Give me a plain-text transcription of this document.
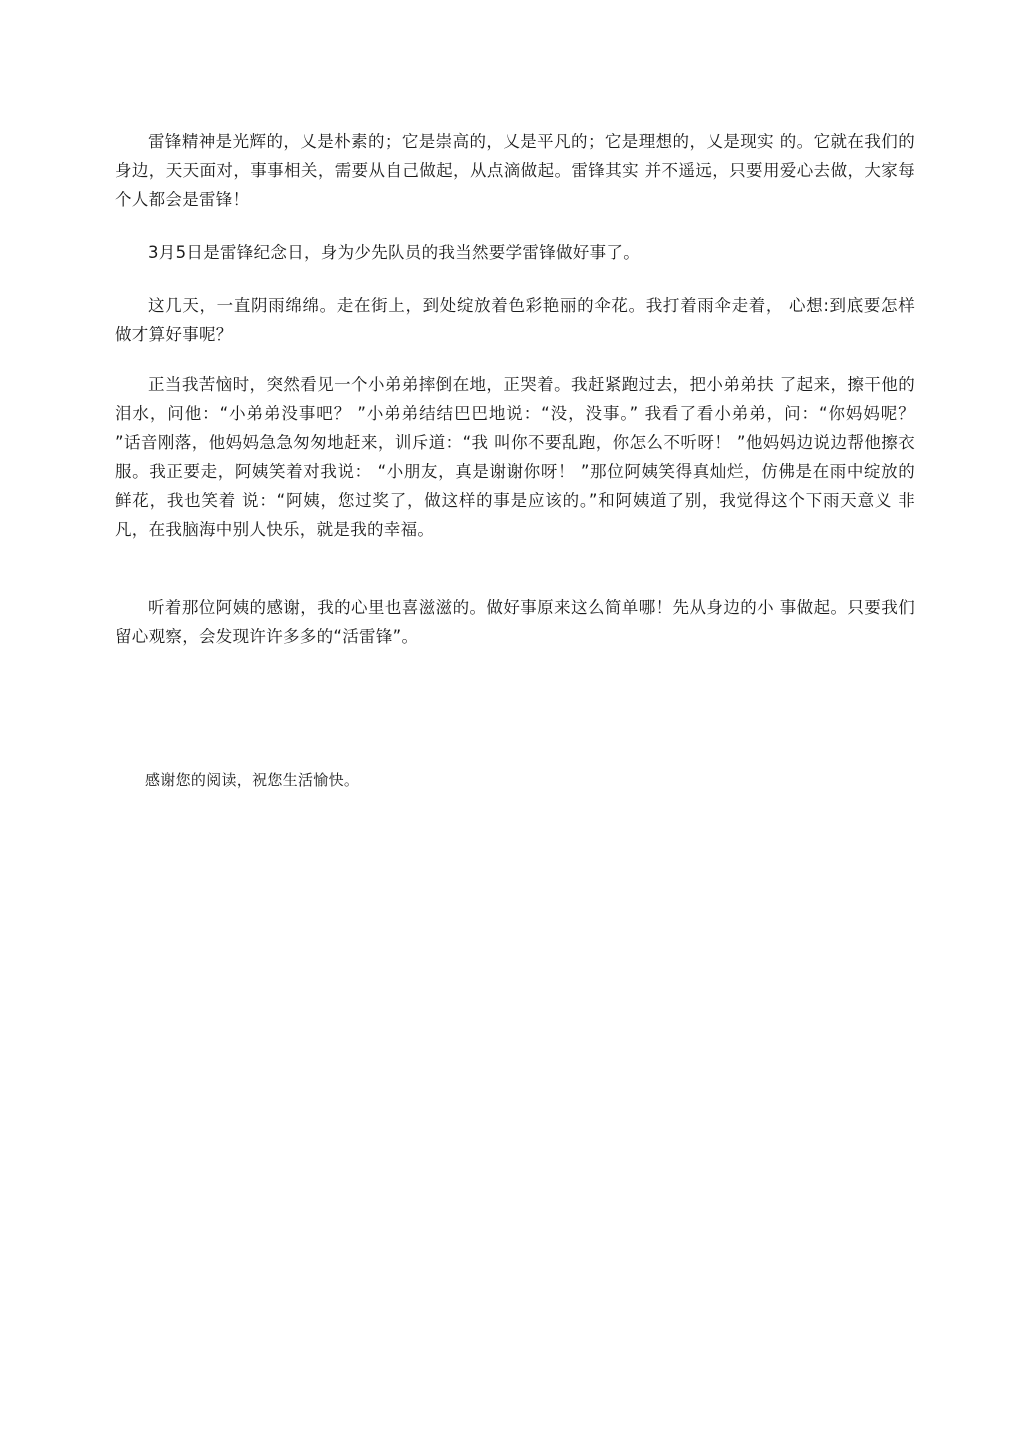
雷锋精神是光辉的，乂是朴素的；它是崇高的，乂是平凡的；它是理想的，乂是现实 的。它就在我们的身边，天天面对，事事相关，需要从自己做起，从点滴做起。雷锋其实 并不遥远，只要用爱心去做，大家每个人都会是雷锋！

3月5日是雷锋纪念日，身为少先队员的我当然要学雷锋做好事了。

这几天，一直阴雨绵绵。走在街上，到处绽放着色彩艳丽的伞花。我打着雨伞走着， 心想:到底要怎样做才算好事呢？

正当我苦恼时，突然看见一个小弟弟摔倒在地，正哭着。我赶紧跑过去，把小弟弟扶 了起来，擦干他的泪水，问他：“小弟弟没事吧？ ”小弟弟结结巴巴地说：“没，没事。” 我看了看小弟弟，问：“你妈妈呢？ ”话音刚落，他妈妈急急匆匆地赶来，训斥道：“我 叫你不要乱跑，你怎么不听呀！ ”他妈妈边说边帮他擦衣服。我正要走，阿姨笑着对我说： “小朋友，真是谢谢你呀！ ”那位阿姨笑得真灿烂，仿佛是在雨中绽放的鲜花，我也笑着 说：“阿姨，您过奖了，做这样的事是应该的。”和阿姨道了别，我觉得这个下雨天意义 非凡，在我脑海中别人快乐，就是我的幸福。

听着那位阿姨的感谢，我的心里也喜滋滋的。做好事原来这么简单哪！先从身边的小 事做起。只要我们留心观察，会发现许许多多的“活雷锋”。

感谢您的阅读，祝您生活愉快。
